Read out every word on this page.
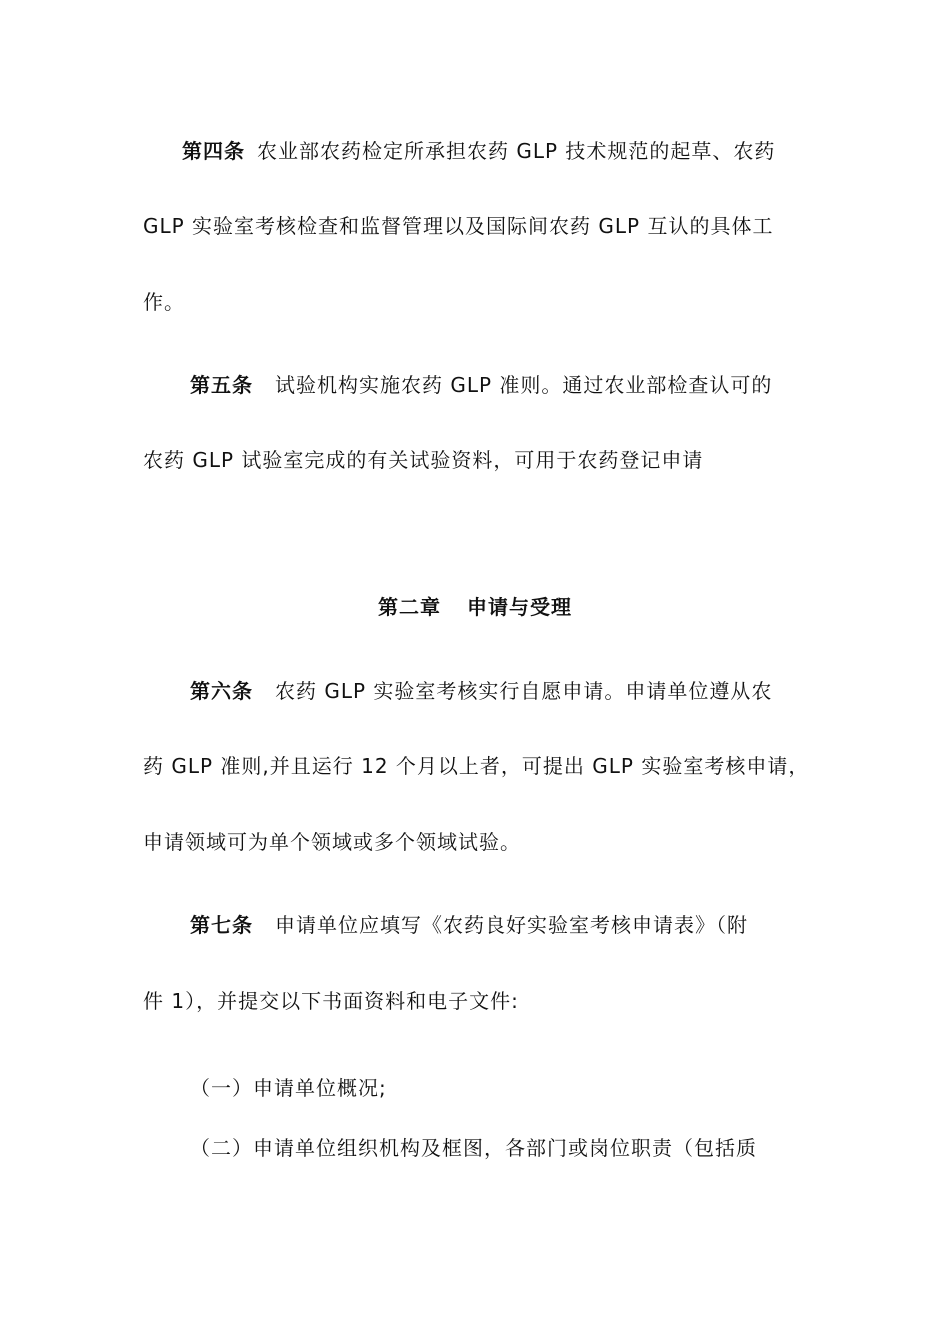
第四条 农业部农药检定所承担农药 GLP 技术规范的起草、农药
GLP 实验室考核检查和监督管理以及国际间农药 GLP 互认的具体工
作。
第五条 试验机构实施农药 GLP 准则。通过农业部检查认可的
农药 GLP 试验室完成的有关试验资料，可用于农药登记申请
第二章 申请与受理
第六条 农药 GLP 实验室考核实行自愿申请。申请单位遵从农
药 GLP 准则,并且运行 12 个月以上者，可提出 GLP 实验室考核申请，
申请领域可为单个领域或多个领域试验。
第七条 申请单位应填写《农药良好实验室考核申请表》（附
件 1），并提交以下书面资料和电子文件:
（一）申请单位概况;
（二）申请单位组织机构及框图，各部门或岗位职责（包括质
